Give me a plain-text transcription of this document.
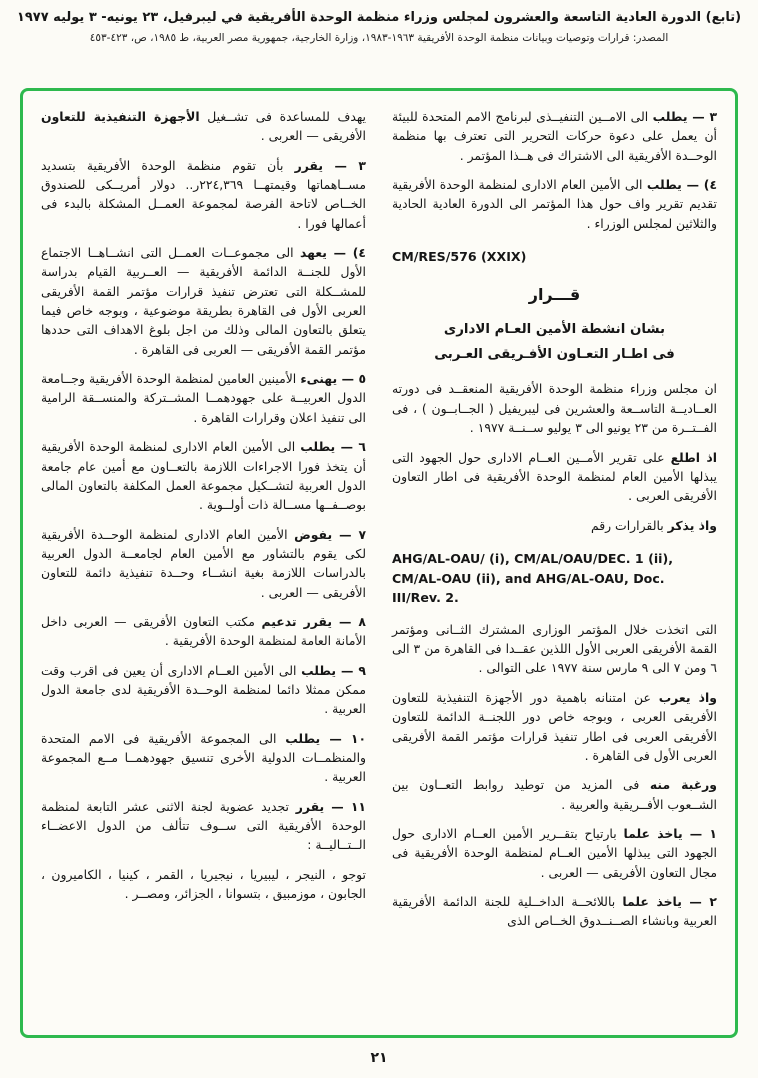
(تابع) الدورة العادية التاسعة والعشرون لمجلس وزراء منظمة الوحدة الأفريقية في ليبرفيل، ٢٣ يونيه- ٣ يوليه ١٩٧٧
المصدر: قرارات وتوصيات وبيانات منظمة الوحدة الأفريقية ١٩٦٣-١٩٨٣، وزارة الخارجية، جمهورية مصر العربية، ط ١٩٨٥، ص، ٤٢٣-٤٥٣

٣ — يطلب الى الامــين التنفيــذى لبرنامج الامم المتحدة للبيئة أن يعمل على دعوة حركات التحرير التى تعترف بها منظمة الوحــدة الأفريقية الى الاشتراك فى هــذا المؤتمر .

٤) — يطلب الى الأمين العام الادارى لمنظمة الوحدة الأفريقية تقديم تقرير واف حول هذا المؤتمر الى الدورة العادية الحادية والثلاثين لمجلس الوزراء .

CM/RES/576 (XXIX)

قـــرار

بشان انشطة الأمين العـام الادارى

فى اطـار التعـاون الأفـريقى العـربى

ان مجلس وزراء منظمة الوحدة الأفريقية المنعقــد فى دورته العــاديــة التاســعة والعشرين فى ليبريفيل ( الجــابــون ) ، فى الفــتــرة من ٢٣ يونيو الى ٣ يوليو ســنــة ١٩٧٧ .

اذ اطلع على تقرير الأمــين العــام الادارى حول الجهود التى يبذلها الأمين العام لمنظمة الوحدة الأفريقية فى اطار التعاون الأفريقى العربى .

واذ يذكر بالقرارات رقم

AHG/AL-OAU/ (i), CM/AL/OAU/DEC. 1 (ii), CM/AL-OAU (ii), and AHG/AL-OAU, Doc. III/Rev. 2.

التى اتخذت خلال المؤتمر الوزارى المشترك الثــانى ومؤتمر القمة الأفريقى العربى الأول اللذين عقــدا فى القاهرة من ٣ الى ٦ ومن ٧ الى ٩ مارس سنة ١٩٧٧ على التوالى .

واذ يعرب عن امتنانه باهمية دور الأجهزة التنفيذية للتعاون الأفريقى العربى ، وبوجه خاص دور اللجنــة الدائمة للتعاون الأفريقى العربى فى اطار تنفيذ قرارات مؤتمر القمة الأفريقى العربى الأول فى القاهرة .

ورغبة منه فى المزيد من توطيد روابط التعــاون بين الشــعوب الأفــريقية والعربية .

١ — ياخذ علما بارتياح بتقــرير الأمين العــام الادارى حول الجهود التى يبذلها الأمين العــام لمنظمة الوحدة الأفريقية فى مجال التعاون الأفريقى — العربى .

٢ — ياخذ علما باللائحــة الداخــلية للجنة الدائمة الأفريقية العربية وبانشاء الصــنــدوق الخــاص الذى

يهدف للمساعدة فى تشــغيل الأجهزة التنفيذية للتعاون الأفريقى — العربى .

٣ — يقرر بأن تقوم منظمة الوحدة الأفريقية بتسديد مســاهماتها وقيمتهــا ٢٢٤,٣٦٩ر.. دولار أمريــكى للصندوق الخــاص لاتاحة الفرصة لمجموعة العمــل المشكلة بالبدء فى أعمالها فورا .

٤) — يعهد الى مجموعــات العمــل التى انشــاهــا الاجتماع الأول للجنــة الدائمة الأفريقية — العــربية القيام بدراسة للمشــكلة التى تعترض تنفيذ قرارات مؤتمر القمة الأفريقى العربى الأول فى القاهرة بطريقة موضوعية ، وبوجه خاص فيما يتعلق بالتعاون المالى وذلك من اجل بلوغ الاهداف التى حددها مؤتمر القمة الأفريقى — العربى فى القاهرة .

٥ — يهنىء الأمينين العامين لمنظمة الوحدة الأفريقية وجــامعة الدول العربيــة على جهودهمــا المشــتركة والمنســقة الرامية الى تنفيذ اعلان وقرارات القاهرة .

٦ — يطلب الى الأمين العام الادارى لمنظمة الوحدة الأفريقية أن يتخذ فورا الاجراءات اللازمة بالتعــاون مع أمين عام جامعة الدول العربية لتشــكيل مجموعة العمل المكلفة بالتعاون المالى بوصــفــها مســالة ذات أولــوية .

٧ — يفوض الأمين العام الادارى لمنظمة الوحــدة الأفريقية لكى يقوم بالتشاور مع الأمين العام لجامعــة الدول العربية بالدراسات اللازمة بغية انشــاء وحــدة تنفيذية دائمة للتعاون الأفريقى — العربى .

٨ — يقرر تدعيم مكتب التعاون الأفريقى — العربى داخل الأمانة العامة لمنظمة الوحدة الأفريقية .

٩ — يطلب الى الأمين العــام الادارى أن يعين فى اقرب وقت ممكن ممثلا دائما لمنظمة الوحــدة الأفريقية لدى جامعة الدول العربية .

١٠ — يطلب الى المجموعة الأفريقية فى الامم المتحدة والمنظمــات الدولية الأخرى تنسيق جهودهمــا مــع المجموعة العربية .

١١ — يقرر تجديد عضوية لجنة الاثنى عشر التابعة لمنظمة الوحدة الأفريقية التى ســوف تتألف من الدول الاعضــاء الــتــاليــة :

توجو ، النيجر ، ليبيريا ، نيجيريا ، القمر ، كينيا ، الكاميرون ، الجابون ، موزمبيق ، بتسوانا ، الجزائر، ومصــر .

٢١
